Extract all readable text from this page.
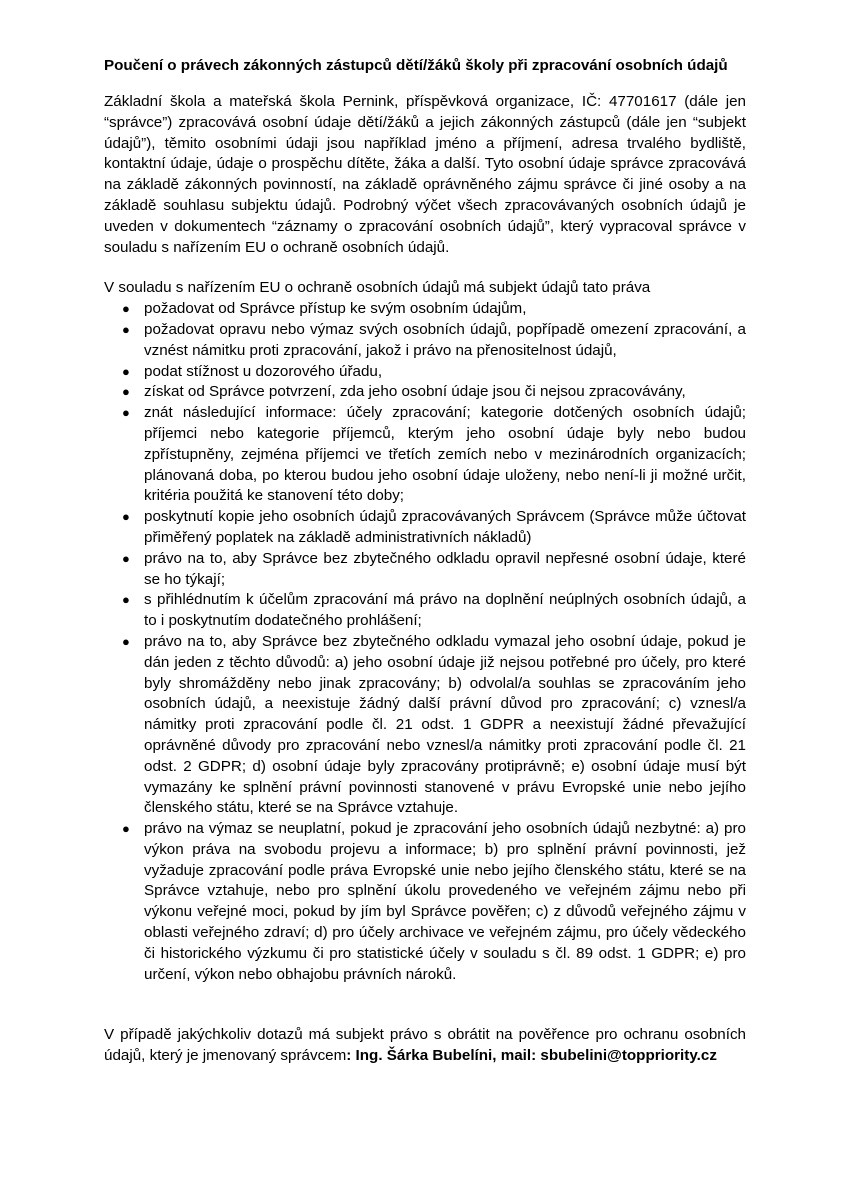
Poučení o právech zákonných zástupců dětí/žáků školy při zpracování osobních údajů

Základní škola a mateřská škola Pernink, příspěvková organizace, IČ: 47701617 (dále jen “správce”) zpracovává osobní údaje dětí/žáků a jejich zákonných zástupců (dále jen “subjekt údajů”), těmito osobními údaji jsou například jméno a příjmení, adresa trvalého bydliště, kontaktní údaje, údaje o prospěchu dítěte, žáka a další. Tyto osobní údaje správce zpracovává na základě zákonných povinností, na základě oprávněného zájmu správce či jiné osoby a na základě souhlasu subjektu údajů. Podrobný výčet všech zpracovávaných osobních údajů je uveden v dokumentech “záznamy o zpracování osobních údajů”, který vypracoval správce v souladu s nařízením EU o ochraně osobních údajů.

V souladu s nařízením EU o ochraně osobních údajů má subjekt údajů tato práva

● požadovat od Správce přístup ke svým osobním údajům,
● požadovat opravu nebo výmaz svých osobních údajů, popřípadě omezení zpracování, a vznést námitku proti zpracování, jakož i právo na přenositelnost údajů,
● podat stížnost u dozorového úřadu,
● získat od Správce potvrzení, zda jeho osobní údaje jsou či nejsou zpracovávány,
● znát následující informace: účely zpracování; kategorie dotčených osobních údajů; příjemci nebo kategorie příjemců, kterým jeho osobní údaje byly nebo budou zpřístupněny, zejména příjemci ve třetích zemích nebo v mezinárodních organizacích; plánovaná doba, po kterou budou jeho osobní údaje uloženy, nebo není-li ji možné určit, kritéria použitá ke stanovení této doby;
● poskytnutí kopie jeho osobních údajů zpracovávaných Správcem (Správce může účtovat přiměřený poplatek na základě administrativních nákladů)
● právo na to, aby Správce bez zbytečného odkladu opravil nepřesné osobní údaje, které se ho týkají;
● s přihlédnutím k účelům zpracování má právo na doplnění neúplných osobních údajů, a to i poskytnutím dodatečného prohlášení;
● právo na to, aby Správce bez zbytečného odkladu vymazal jeho osobní údaje, pokud je dán jeden z těchto důvodů: a) jeho osobní údaje již nejsou potřebné pro účely, pro které byly shromážděny nebo jinak zpracovány; b) odvolal/a souhlas se zpracováním jeho osobních údajů, a neexistuje žádný další právní důvod pro zpracování; c) vznesl/a námitky proti zpracování podle čl. 21 odst. 1 GDPR a neexistují žádné převažující oprávněné důvody pro zpracování nebo vznesl/a námitky proti zpracování podle čl. 21 odst. 2 GDPR; d) osobní údaje byly zpracovány protiprávně; e) osobní údaje musí být vymazány ke splnění právní povinnosti stanovené v právu Evropské unie nebo jejího členského státu, které se na Správce vztahuje.
● právo na výmaz se neuplatní, pokud je zpracování jeho osobních údajů nezbytné: a) pro výkon práva na svobodu projevu a informace; b) pro splnění právní povinnosti, jež vyžaduje zpracování podle práva Evropské unie nebo jejího členského státu, které se na Správce vztahuje, nebo pro splnění úkolu provedeného ve veřejném zájmu nebo při výkonu veřejné moci, pokud by jím byl Správce pověřen; c) z důvodů veřejného zájmu v oblasti veřejného zdraví; d) pro účely archivace ve veřejném zájmu, pro účely vědeckého či historického výzkumu či pro statistické účely v souladu s čl. 89 odst. 1 GDPR; e) pro určení, výkon nebo obhajobu právních nároků.

V případě jakýchkoliv dotazů má subjekt právo s obrátit na pověřence pro ochranu osobních údajů, který je jmenovaný správcem: Ing. Šárka Bubelíni, mail: sbubelini@toppriority.cz
